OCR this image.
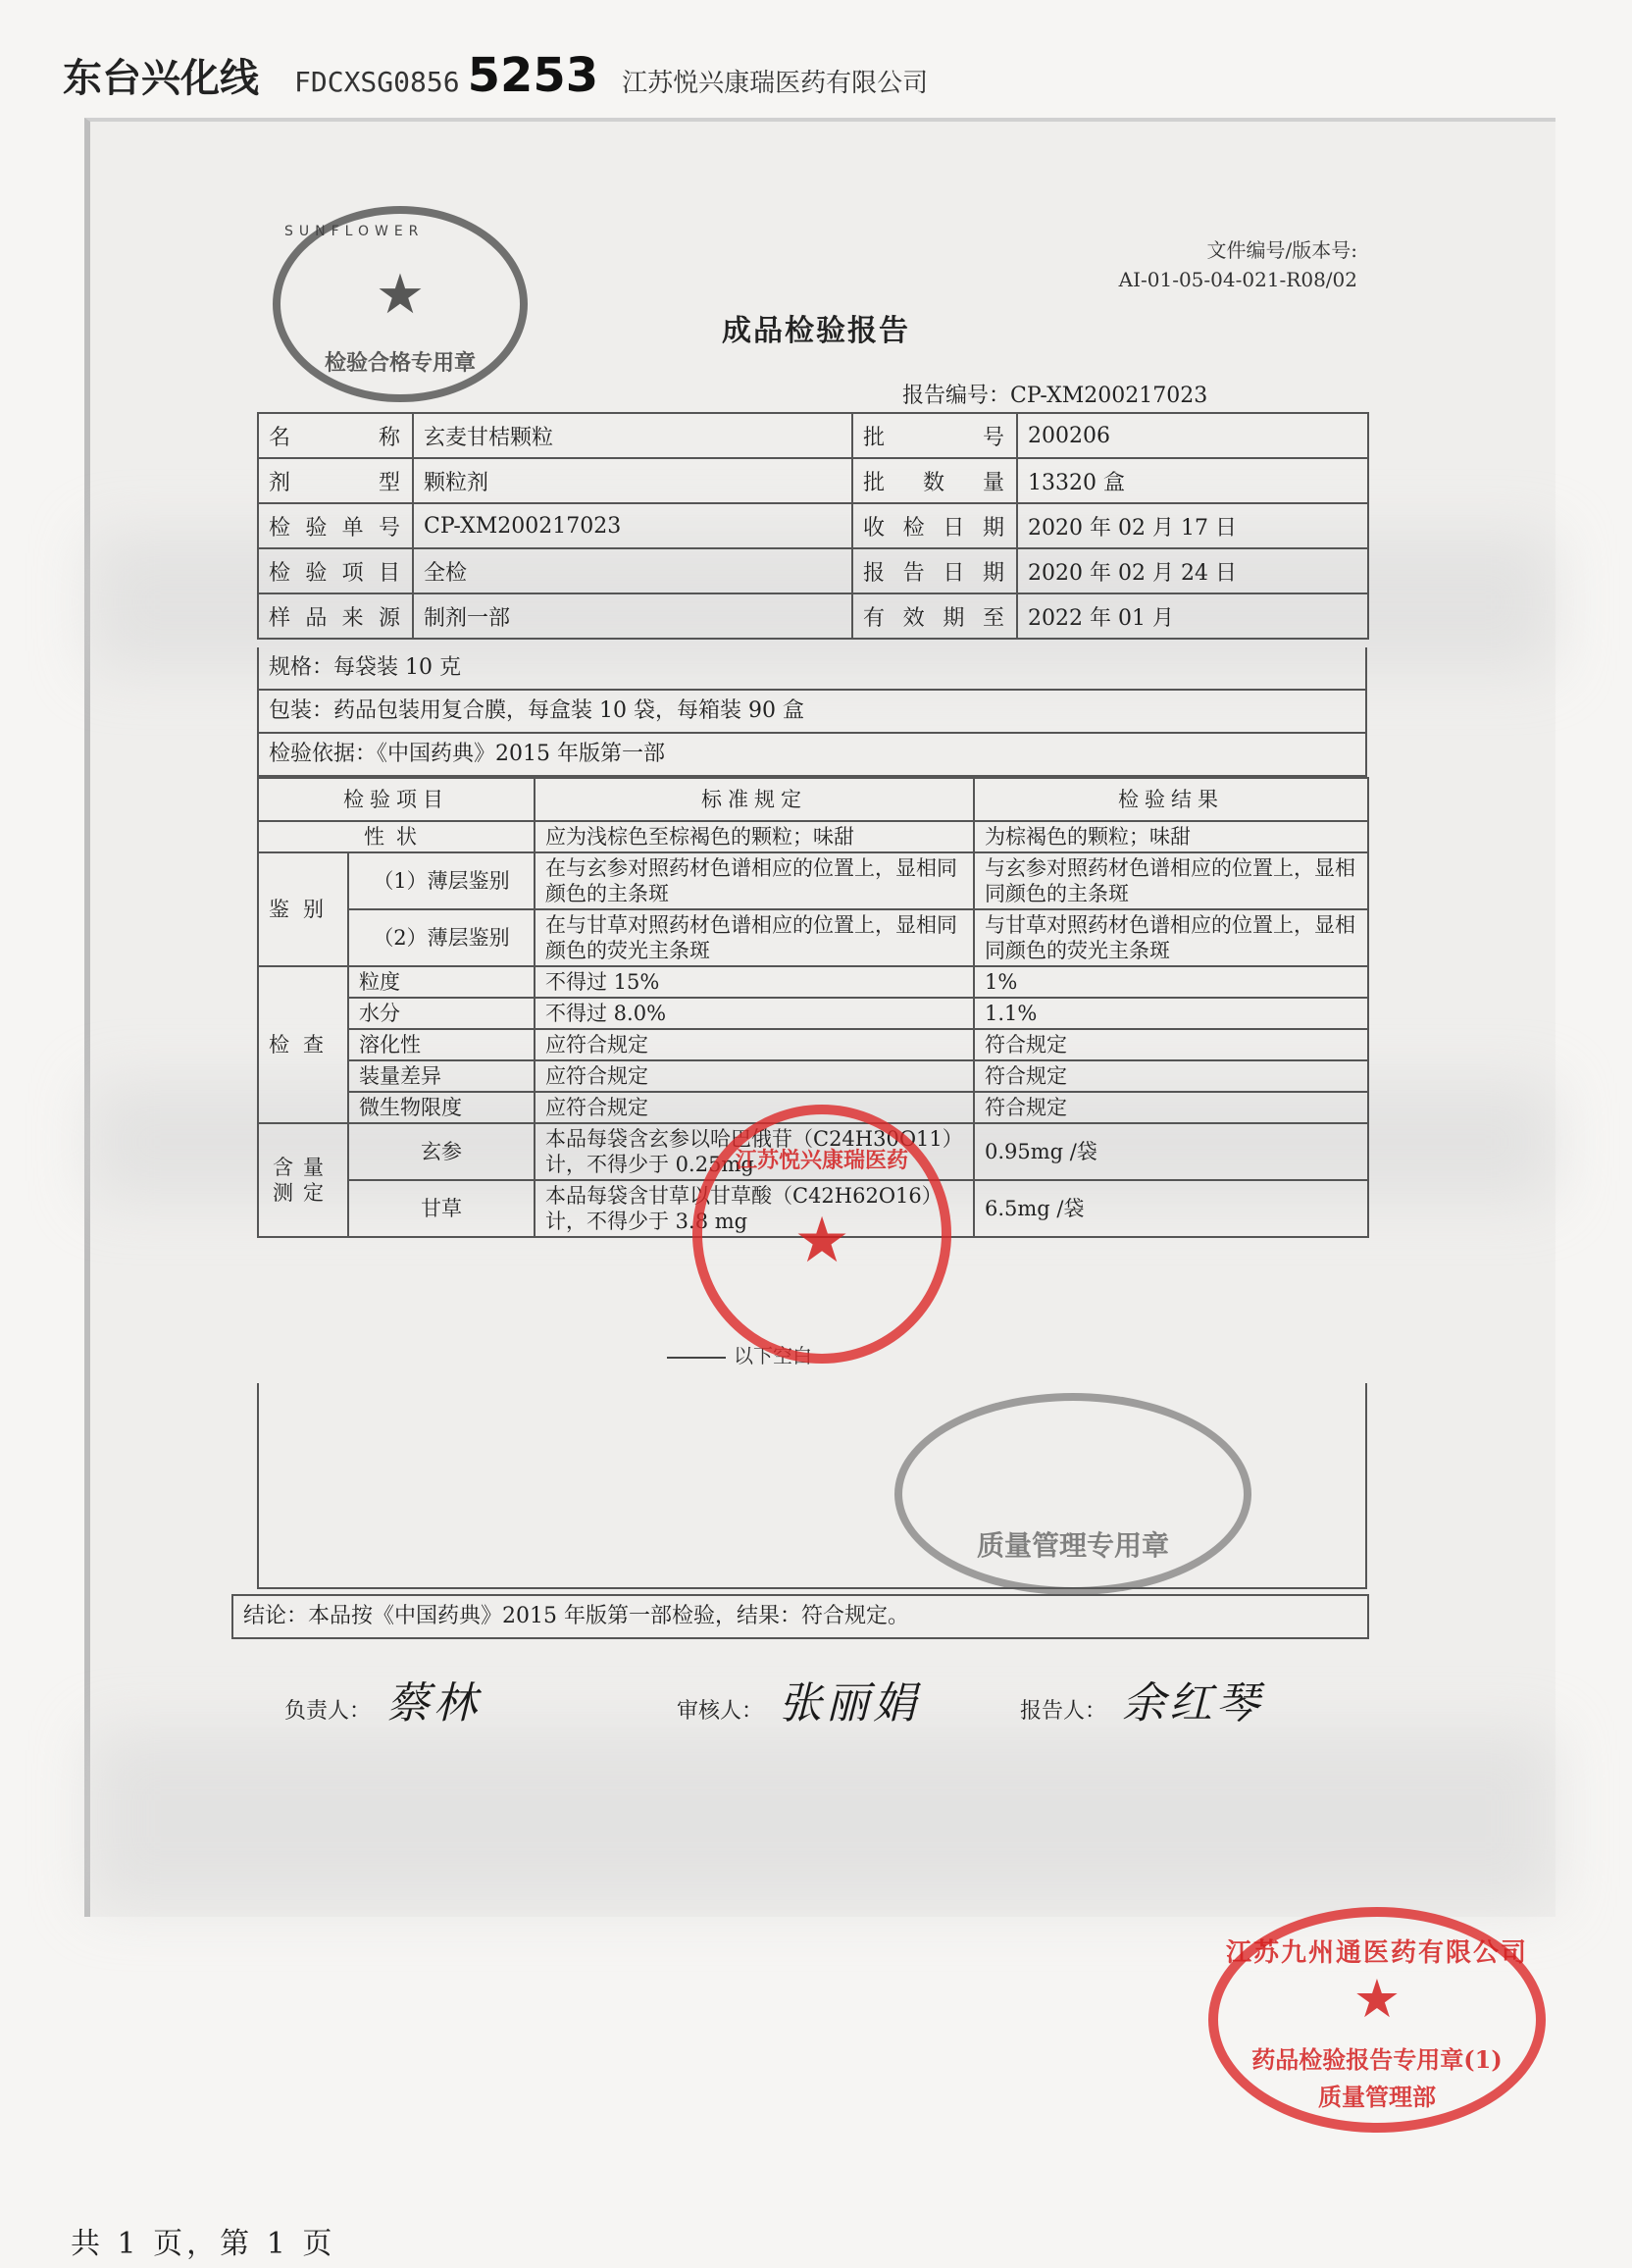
东台兴化线 FDCXSG0856 5253 江苏悦兴康瑞医药有限公司
文件编号/版本号:
AI-01-05-04-021-R08/02
成品检验报告
报告编号：CP-XM200217023
名称	玄麦甘桔颗粒	批号	200206
剂型	颗粒剂	批数量	13320 盒
检验单号	CP-XM200217023	收检日期	2020 年 02 月 17 日
检验项目	全检	报告日期	2020 年 02 月 24 日
样品来源	制剂一部	有效期至	2022 年 01 月
规格：每袋装 10 克
包装：药品包装用复合膜，每盒装 10 袋，每箱装 90 盒
检验依据：《中国药典》2015 年版第一部
检验项目		标准规定	检验结果
性状		应为浅棕色至棕褐色的颗粒；味甜	为棕褐色的颗粒；味甜
鉴别	（1）薄层鉴别	在与玄参对照药材色谱相应的位置上，显相同颜色的主条斑	与玄参对照药材色谱相应的位置上，显相同颜色的主条斑
	（2）薄层鉴别	在与甘草对照药材色谱相应的位置上，显相同颜色的荧光主条斑	与甘草对照药材色谱相应的位置上，显相同颜色的荧光主条斑
检查	粒度	不得过 15%	1%
	水分	不得过 8.0%	1.1%
	溶化性	应符合规定	符合规定
	装量差异	应符合规定	符合规定
	微生物限度	应符合规定	符合规定
含量测定	玄参	本品每袋含玄参以哈巴俄苷（C24H30O11）计，不得少于 0.25mg	0.95mg /袋
	甘草	本品每袋含甘草以甘草酸（C42H62O16）计，不得少于 3.8 mg	6.5mg /袋
以下空白
结论：本品按《中国药典》2015 年版第一部检验，结果：符合规定。
负责人： 蔡林	审核人： 张丽娟	报告人： 余红琴
★
检验合格专用章
SUNFLOWER
江苏悦兴康瑞医药
★
质量管理专用章
江苏九州通医药有限公司
★
药品检验报告专用章(1)
质量管理部
共 1 页，第 1 页
